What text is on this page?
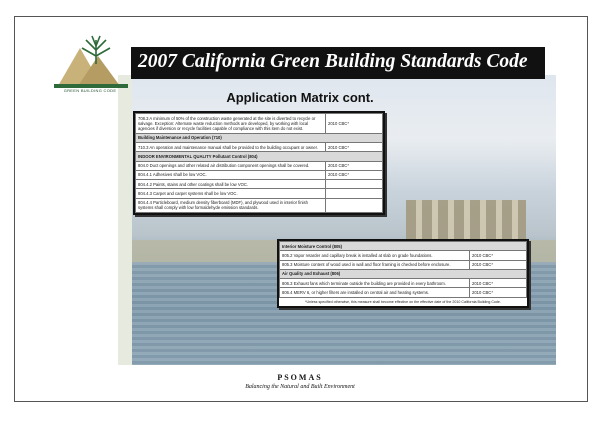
GREEN BUILDING CODE
2007 California Green Building Standards Code
Application Matrix cont.
708.3 A minimum of 50% of the construction waste generated at the site is diverted to recycle or salvage. Exception: Alternate waste reduction methods are developed, by working with local agencies if diversion or recycle facilities capable of compliance with this item do not exist.	2010 CBC*
Building Maintenance and Operation (710)	
710.3 An operation and maintenance manual shall be provided to the building occupant or owner.	2010 CBC*
INDOOR ENVIRONMENTAL QUALITY Pollutant Control (804)	
804.0 Duct openings and other related air distribution component openings shall be covered.	2010 CBC*
804.4.1 Adhesives shall be low VOC.	2010 CBC*
804.4.2 Paints, stains and other coatings shall be low VOC.	
804.4.3 Carpet and carpet systems shall be low VOC.	
804.4.4 Particleboard, medium density fiberboard (MDF), and plywood used in interior finish systems shall comply with low formaldehyde emission standards.	
Interior Moisture Control (805)	
805.2 Vapor retarder and capillary break is installed at slab on grade foundations.	2010 CBC*
805.3 Moisture content of wood used in wall and floor framing is checked before enclosure.	2010 CBC*
Air Quality and Exhaust (806)	
806.3 Exhaust fans which terminate outside the building are provided in every bathroom.	2010 CBC*
806.4 MERV 6, or higher filters are installed on central air and heating systems.	2010 CBC*
*Unless specified otherwise, this measure shall become effective on the effective date of the 2010 California Building Code.
PSOMAS
Balancing the Natural and Built Environment
